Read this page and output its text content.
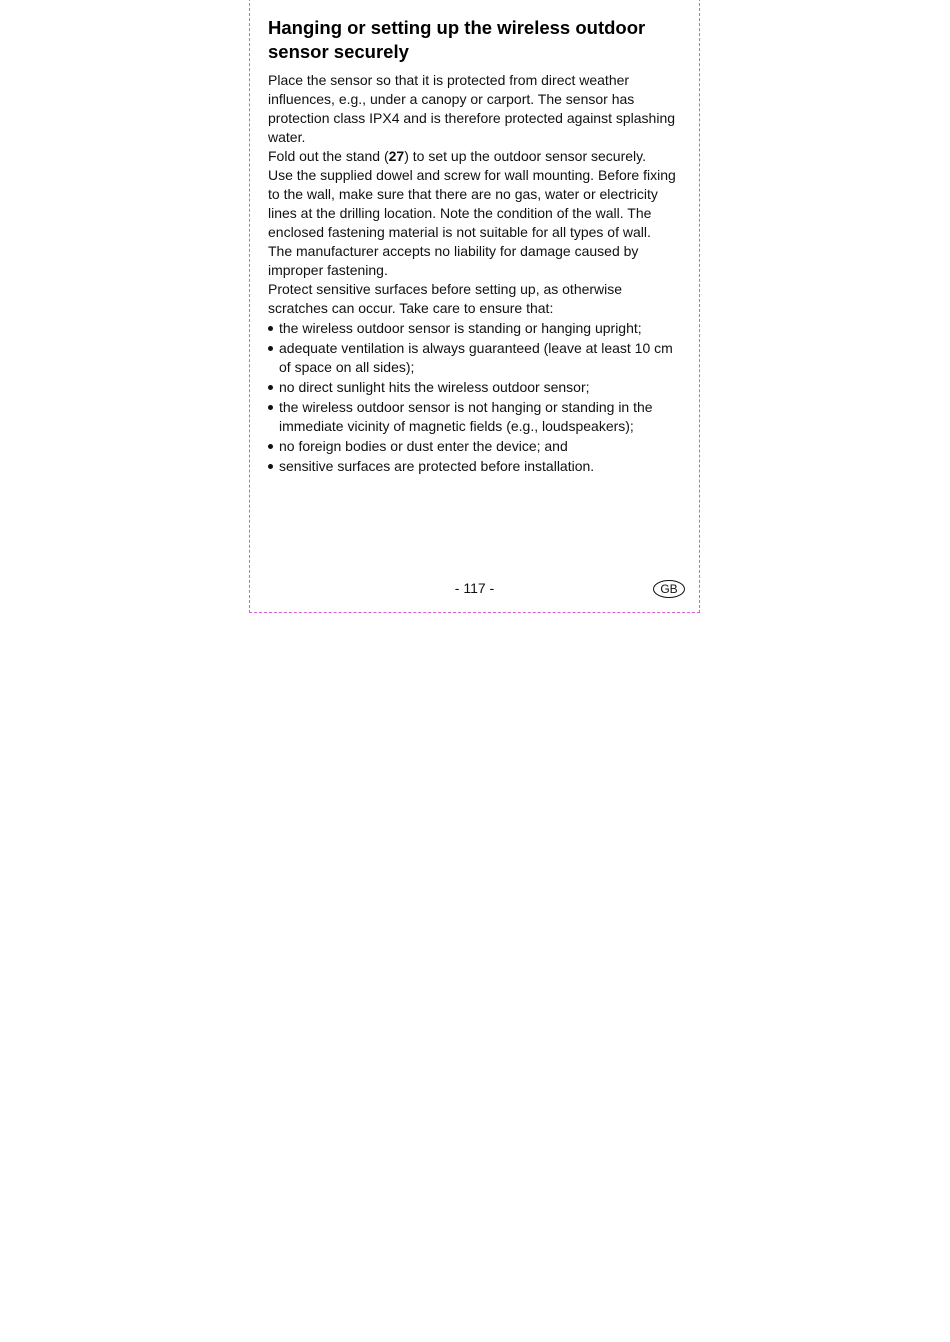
Hanging or setting up the wireless outdoor sensor securely

Place the sensor so that it is protected from direct weather influences, e.g., under a canopy or carport. The sensor has protection class IPX4 and is therefore protected against splashing water.

Fold out the stand (27) to set up the outdoor sensor securely.

Use the supplied dowel and screw for wall mounting. Before fixing to the wall, make sure that there are no gas, water or electricity lines at the drilling location. Note the condition of the wall. The enclosed fastening material is not suitable for all types of wall.

The manufacturer accepts no liability for damage caused by improper fastening.

Protect sensitive surfaces before setting up, as otherwise scratches can occur. Take care to ensure that:

the wireless outdoor sensor is standing or hanging upright;
adequate ventilation is always guaranteed (leave at least 10 cm of space on all sides);
no direct sunlight hits the wireless outdoor sensor;
the wireless outdoor sensor is not hanging or standing in the immediate vicinity of magnetic fields (e.g., loudspeakers);
no foreign bodies or dust enter the device; and
sensitive surfaces are protected before installation.
- 117 -	GB
